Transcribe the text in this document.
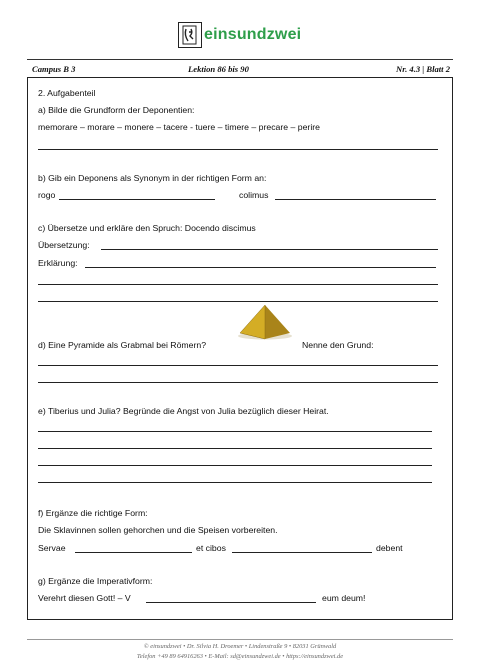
einsundzwei
Campus B 3	Lektion 86 bis 90	Nr. 4.3 | Blatt 2
2. Aufgabenteil
a) Bilde die Grundform der Deponentien:
memorare – morare – monere – tacere - tuere – timere – precare – perire
b) Gib ein Deponens als Synonym in der richtigen Form an:
rogo	colimus
c) Übersetze und erkläre den Spruch: Docendo discimus
Übersetzung:
Erklärung:
d) Eine Pyramide als Grabmal bei Römern?	Nenne den Grund:
e) Tiberius und Julia? Begründe die Angst von Julia bezüglich dieser Heirat.
f) Ergänze die richtige Form:
Die Sklavinnen sollen gehorchen und die Speisen vorbereiten.
Servae	et cibos	debent
g) Ergänze die Imperativform:
Verehrt diesen Gott! – V	eum deum!
© einsundzwei • Dr. Silvia H. Droemer • Lindenstraße 9 • 82031 Grünwald
Telefon +49 89 64916263 • E-Mail: sd@einsundzwei.de • https://einsundzwei.de
